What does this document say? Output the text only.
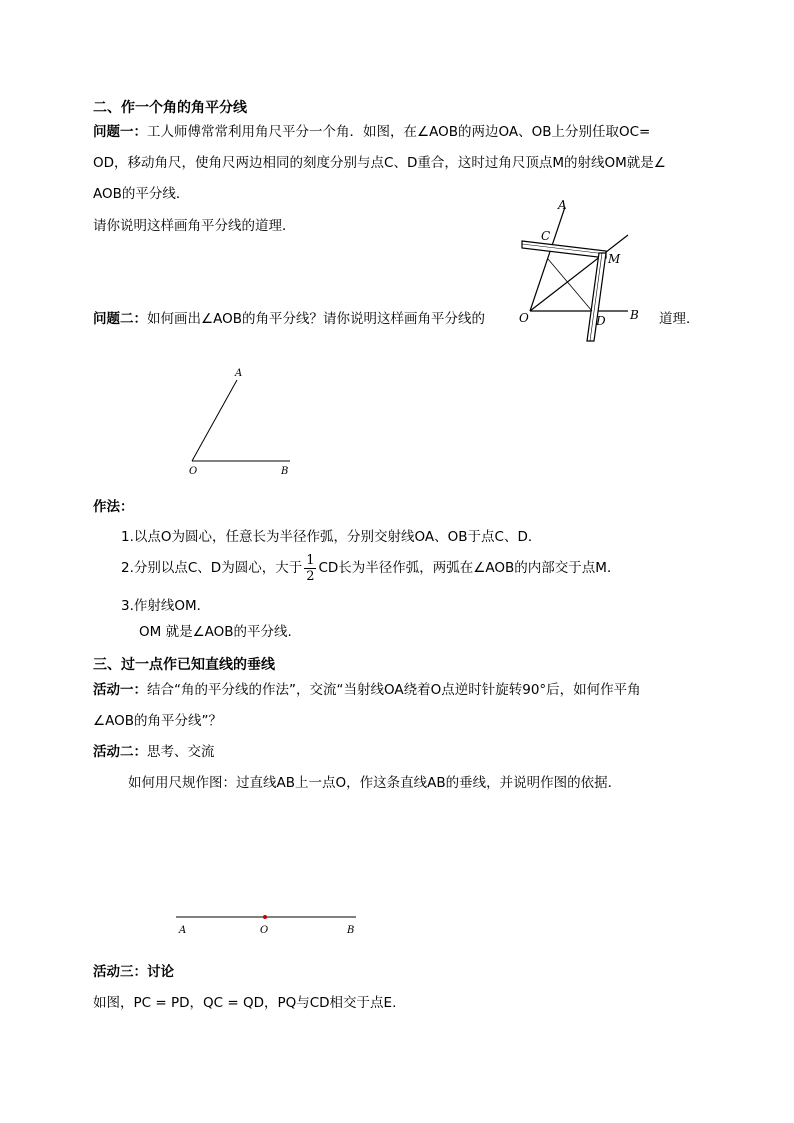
二、作一个角的角平分线
问题一：工人师傅常常利用角尺平分一个角．如图，在∠AOB的两边OA、OB上分别任取OC=
OD，移动角尺，使角尺两边相同的刻度分别与点C、D重合，这时过角尺顶点M的射线OM就是∠
AOB的平分线．
请你说明这样画角平分线的道理．
A
C
M
O	D B
问题二：如何画出∠AOB的角平分线？请你说明这样画角平分线的	道理．
A
O	B
作法：
1.以点O为圆心，任意长为半径作弧，分别交射线OA、OB于点C、D．
2.分别以点C、D为圆心，大于 $\frac{1}{2}$ CD长为半径作弧，两弧在∠AOB的内部交于点M．
3.作射线OM．
OM 就是∠AOB的平分线.
三、过一点作已知直线的垂线
活动一：结合“角的平分线的作法”，交流“当射线OA绕着O点逆时针旋转90°后，如何作平角
∠AOB的角平分线”？
活动二：思考、交流
如何用尺规作图：过直线AB上一点O，作这条直线AB的垂线，并说明作图的依据．
A	O	B
活动三：讨论
如图，PC = PD，QC = QD，PQ与CD相交于点E.
